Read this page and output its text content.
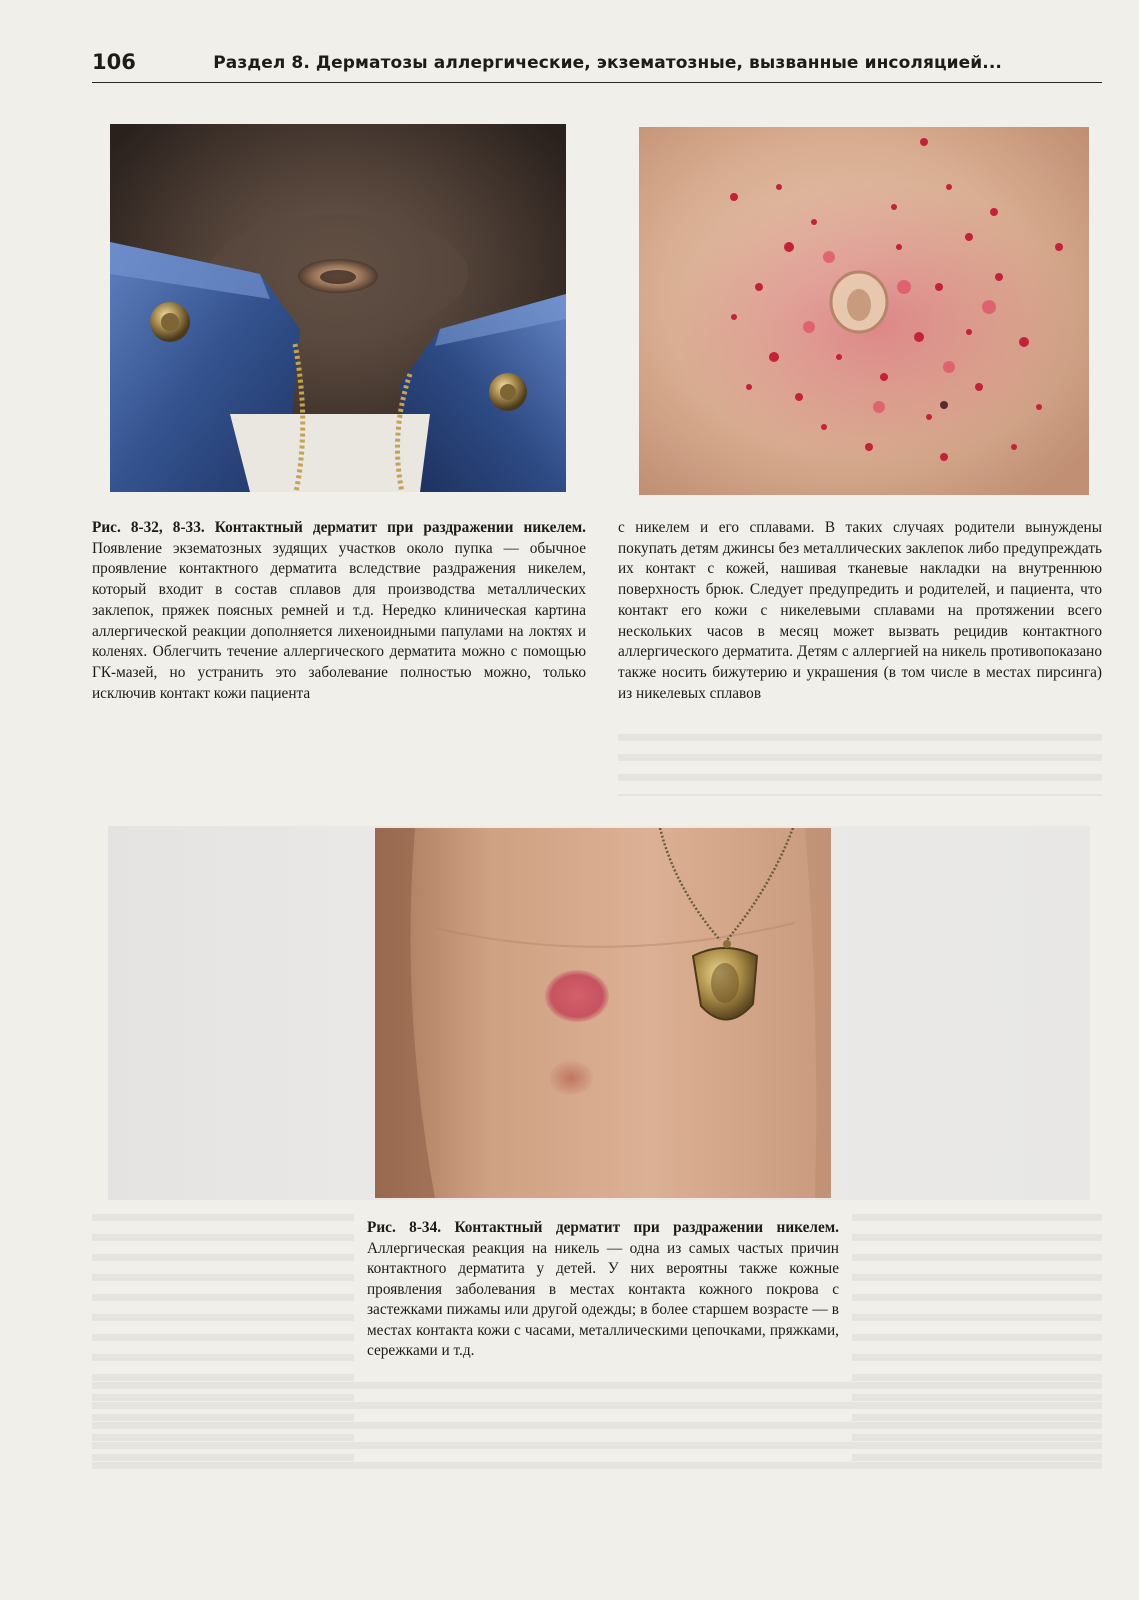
106	Раздел 8. Дерматозы аллергические, экзематозные, вызванные инсоляцией...
Рис. 8-32, 8-33. Контактный дерматит при раздражении никелем. Появление экзематозных зудящих участков около пупка — обычное проявление контактного дерматита вследствие раздражения никелем, который входит в состав сплавов для производства металлических заклепок, пряжек поясных ремней и т.д. Нередко клиническая картина аллергической реакции дополняется лихеноидными папулами на локтях и коленях. Облегчить течение аллергического дерматита можно с помощью ГК-мазей, но устранить это заболевание полностью можно, только исключив контакт кожи пациента
с никелем и его сплавами. В таких случаях родители вынуждены покупать детям джинсы без металлических заклепок либо предупреждать их контакт с кожей, нашивая тканевые накладки на внутреннюю поверхность брюк. Следует предупредить и родителей, и пациента, что контакт его кожи с никелевыми сплавами на протяжении всего нескольких часов в месяц может вызвать рецидив контактного аллергического дерматита. Детям с аллергией на никель противопоказано также носить бижутерию и украшения (в том числе в местах пирсинга) из никелевых сплавов
Рис. 8-34. Контактный дерматит при раздражении никелем. Аллергическая реакция на никель — одна из самых частых причин контактного дерматита у детей. У них вероятны также кожные проявления заболевания в местах контакта кожного покрова с застежками пижамы или другой одежды; в более старшем возрасте — в местах контакта кожи с часами, металлическими цепочками, пряжками, сережками и т.д.
